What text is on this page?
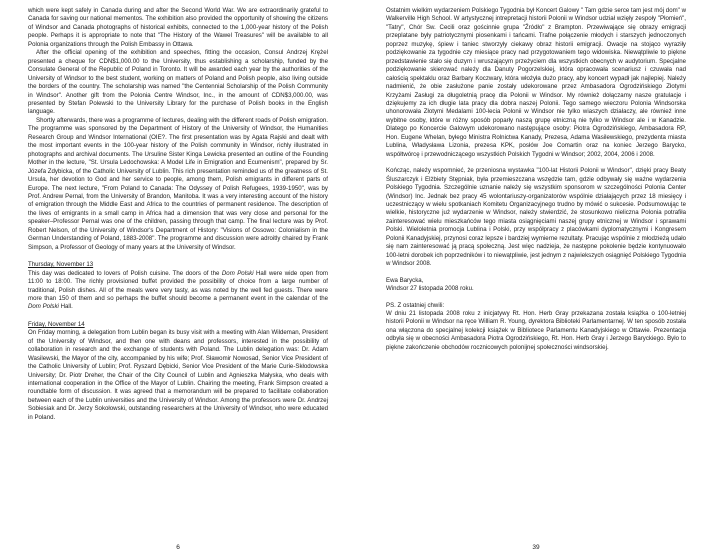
which were kept safely in Canada during and after the Second World War. We are extraordinarily grateful to Canada for saving our national mementos. The exhibition also provided the opportunity of showing the citizens of Windsor and Canada photographs of historical exhibits, connected to the 1,000-year history of the Polish people. Perhaps it is appropriate to note that "The History of the Wawel Treasures" will be available to all Polonia organizations through the Polish Embassy in Ottawa.

After the official opening of the exhibition and speeches, fitting the occasion, Consul Andrzej Krężel presented a cheque for CDN$1,000.00 to the University, thus establishing a scholarship, funded by the Consulate General of the Republic of Poland in Toronto. It will be awarded each year by the authorities of the University of Windsor to the best student, working on matters of Poland and Polish people, also living outside the borders of the country. The scholarship was named "the Centennial Scholarship of the Polish Community in Windsor". Another gift from the Polonia Centre Windsor, Inc., in the amount of CDN$3,000.00, was presented by Stefan Polewski to the University Library for the purchase of Polish books in the English language.

Shortly afterwards, there was a programme of lectures, dealing with the different roads of Polish emigration. The programme was sponsored by the Department of History of the University of Windsor, the Humanities Research Group and Windsor International (OIE?. The first presentation was by Agata Rajski and dealt with the most important events in the 100-year history of the Polish community in Windsor, richly illustrated in photographs and archival documents. The Ursuline Sister Kinga Lewicka presented an outline of the Founding Mother in the lecture, "St. Ursula Ledochowska: A Model Life in Emigration and Ecumenism", prepared by Sr. Józefa Zdybicka, of the Catholic University of Lublin. This rich presentation reminded us of the greatness of St. Ursula, her devotion to God and her service to people, among them, Polish emigrants in different parts of Europe. The next lecture, "From Poland to Canada: The Odyssey of Polish Refugees, 1939-1950", was by Prof. Andrew Pernal, from the University of Brandon, Manitoba. It was a very interesting account of the history of emigration through the Middle East and Africa to the countries of permanent residence. The description of the lives of emigrants in a small camp in Africa had a dimension that was very close and personal for the speaker–Professor Pernal was one of the children, passing through that camp. The final lecture was by Prof. Robert Nelson, of the University of Windsor's Department of History: "Visions of Ossowo: Colonialism in the German Understanding of Poland, 1883-2008". The programme and discussion were adroitly chaired by Frank Simpson, a Professor of Geology of many years at the University of Windsor.

Thursday, November 13

This day was dedicated to lovers of Polish cuisine. The doors of the Dom Polski Hall were wide open from 11:00 to 18:00. The richly provisioned buffet provided the possibility of choice from a large number of traditional, Polish dishes. All of the meals were very tasty, as was noted by the well fed guests. There were more than 150 of them and so perhaps the buffet should become a permanent event in the calendar of the Dom Polski Hall.

Friday, November 14

On Friday morning, a delegation from Lublin began its busy visit with a meeting with Alan Wildeman, President of the University of Windsor, and then one with deans and professors, interested in the possibility of collaboration in research and the exchange of students with Poland. The Lublin delegation was: Dr. Adam Wasilewski, the Mayor of the city, accompanied by his wife; Prof. Sławomir Nowosad, Senior Vice President of the Catholic University of Lublin; Prof. Ryszard Dębicki, Senior Vice President of the Marie Curie-Skłodowska University; Dr. Piotr Dreher, the Chair of the City Council of Lublin and Agnieszka Małyska, who deals with international cooperation in the Office of the Mayor of Lublin. Chairing the meeting, Frank Simpson created a roundtable form of discussion. It was agreed that a memorandum will be prepared to facilitate collaboration between each of the Lublin universities and the University of Windsor. Among the professors were Dr. Andrzej Sobiesiak and Dr. Jerzy Sokołowski, outstanding researchers at the University of Windsor, who were educated in Poland.

6

Ostatnim wielkim wydarzeniem Polskiego Tygodnia był Koncert Galowy " Tam gdzie serce tam jest mój dom" w Walkerville High School. W artystycznej intrepretacji historii Polonii w Windsor udział wzięły zespoły "Płomień", "Tatry", Chór Sw. Cecili oraz gościnnie grupa "Źródło" z Brampton. Przewiwające się obrazy emigracji przeplatane były patriotycznymi piosenkami i tańcami. Trafne połączenie młodych i starszych jednoczonych poprzez muzykę, śpiew i taniec stworzyły ciekawy obraz historii emigracji. Owacje na stojąco wyraziły podziękowanie za tygodnie czy miesiące pracy nad przygotowaniem tego widowiska. Niewątpliwie to piękne przedstawienie stało się duzym i wruszającym przeżyciem dla wszystkich obecnych w audytorium. Specjalne podziękowanie skierować należy dla Danuty Pogorzelskiej, która opracowała scenariusz i czuwała nad całością spektaklu oraz Barbary Koczwary, która włożyła dużo pracy, aby koncert wypadł jak najlepiej. Należy nadmienić, że obie zasłużone panie zostały udekorowane przez Ambasadora Ogrodzińskiego Złotymi Krzyżami Zasługi za długoletnią pracę dla Polonii w Windsor. My również dołączamy nasze gratulacje i dziękujemy za ich długie lata pracy dla dobra naszej Polonii. Tego samego wieczoru Polonia Windsorska uhonorowała Złotymi Medalami 100-lecia Polonii w Windsor nie tylko wiaszych działaczy, ale również inne wybitne osoby, które w różny sposób poparły naszą grupę etniczną nie tylko w Windsor ale i w Kanadzie. Dlatego po Koncercie Galowym udekorowano następujące osoby: Piotra Ogrodzińskiego, Ambasadora RP, Hon. Eugene Whelan, byłego Ministra Rolnictwa Kanady, Prezesa, Adama Wasilewskiego, prezydenta miasta Lublina, Władysława Lizonia, prezesa KPK, posłów Joe Comartin oraz na koniec Jerzego Barycko, współtwórcę i przewodniczącego wszystkich Polskich Tygodni w Windsor; 2002, 2004, 2006 i 2008.

Kończąc, należy wspomnieć, że przeniosna wystawka "100-lat Historii Polonii w Windsor", dzięki pracy Beaty Śluszarczyk i Elżbiety Stępniak, była przemieszczana wszędzie tam, gdzie odbywały się ważne wydarzenia Polskiego Tygodnia. Szczególnie uznanie należy się wszystkim sponsorom w szczególności Polonia Center (Windsor) Inc. Jednak bez pracy 45 wolontariuszy-organizatorów wspólnie działających przez 18 miesięcy i uczestniczący w wielu spotkaniach Komitetu Organizacyjnego trudno by mówić o sukcesie. Podsumowując te wielkie, historyczne już wydarzenie w Windsor, należy stwierdzić, że stosunkowo nieliczna Polonia potrafiła zainteresować wielu mieszkańców tego miasta osiągnięciami naszej grupy etnicznej w Windsor i sprawami Polski. Wieloletnia promocja Lublina i Polski, przy współpracy z placówkami dyplomatycznymi i Kongresem Polonii Kanadyjskiej, przynosi coraz lepsze i bardziej wymierne rezultaty. Pracując wspólnie z młodzieżą udało się nam zainteresować ją pracą społeczną. Jest więc nadzieja, że następne pokolenie będzie kontynuowało 100-letni dorobek ich poprzedników i to niewątpliwie, jest jednym z najwiekszych osiągnięć Polskiego Tygodnia w Windsor 2008.

Ewa Barycka,

Windsor 27 listopada 2008 roku.

PS. Z ostatniej chwili:

W dniu 21 listopada 2008 roku z inicjatywy Rt. Hon. Herb Gray przekazana została książka o 100-letniej historii Polonii w Windsor na ręce William R. Young, dyrektora Biblioteki Parlamentarnej. W ten sposób została ona włączona do specjalnej kolekcji książek w Bibliotece Parlamentu Kanadyjskiego w Ottawie. Prezentacja odbyła się w obecności Ambasadora Piotra Ogrodzińskiego, Rt. Hon. Herb Gray i Jerzego Baryckiego. Było to piękne zakończenie obchodów rocznicowych polonijnej społeczności windsorskiej.

39
